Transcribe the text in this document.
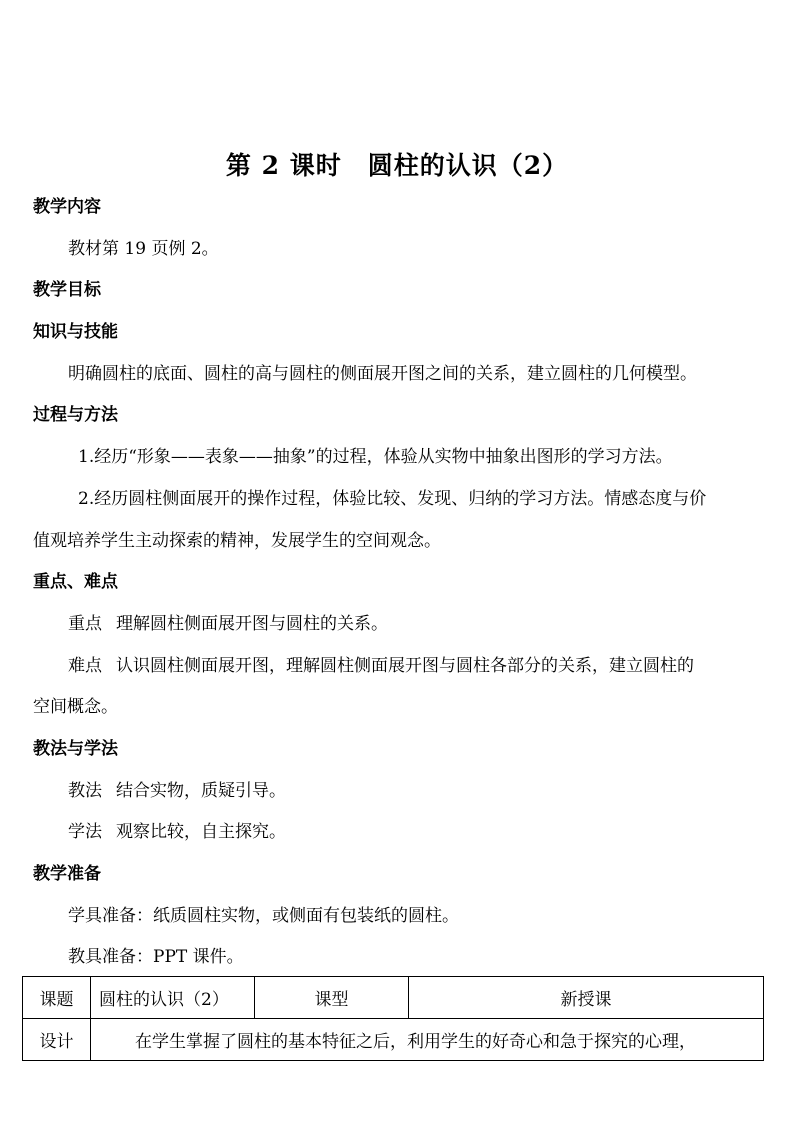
第 2 课时　圆柱的认识（2）
教学内容
教材第 19 页例 2。
教学目标
知识与技能
明确圆柱的底面、圆柱的高与圆柱的侧面展开图之间的关系，建立圆柱的几何模型。
过程与方法
1.经历“形象——表象——抽象”的过程，体验从实物中抽象出图形的学习方法。
2.经历圆柱侧面展开的操作过程，体验比较、发现、归纳的学习方法。情感态度与价
值观培养学生主动探索的精神，发展学生的空间观念。
重点、难点
重点 理解圆柱侧面展开图与圆柱的关系。
难点 认识圆柱侧面展开图，理解圆柱侧面展开图与圆柱各部分的关系，建立圆柱的
空间概念。
教法与学法
教法 结合实物，质疑引导。
学法 观察比较，自主探究。
教学准备
学具准备：纸质圆柱实物，或侧面有包装纸的圆柱。
教具准备：PPT 课件。
课题	圆柱的认识（2）	课型	新授课
设计	在学生掌握了圆柱的基本特征之后，利用学生的好奇心和急于探究的心理，		
